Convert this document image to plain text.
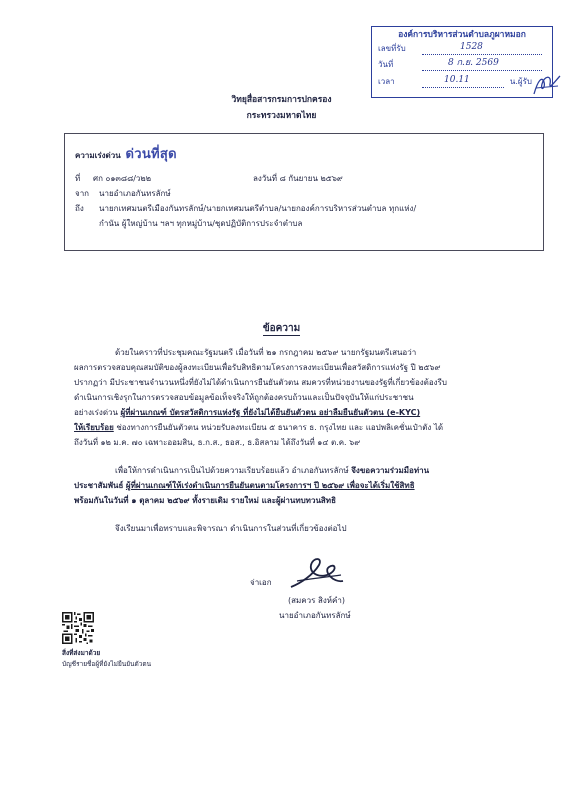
องค์การบริหารส่วนตำบลภูผาหมอก
เลขที่รับ	1528
วันที่	8 ก.ย. 2569
เวลา	10.11	น.ผู้รับ
วิทยุสื่อสารกรมการปกครอง
กระทรวงมหาดไทย
ความเร่งด่วน ด่วนที่สุด
ที่ ศก ๐๑๓๘๘/ว๒๒	ลงวันที่ ๘ กันยายน ๒๕๖๙
จาก นายอำเภอกันทรลักษ์
ถึง นายกเทศมนตรีเมืองกันทรลักษ์/นายกเทศมนตรีตำบล/นายกองค์การบริหารส่วนตำบล ทุกแห่ง/
กำนัน ผู้ใหญ่บ้าน ฯลฯ ทุกหมู่บ้าน/ชุดปฏิบัติการประจำตำบล
ข้อความ
ด้วยในคราวที่ประชุมคณะรัฐมนตรี เมื่อวันที่ ๒๑ กรกฎาคม ๒๕๖๙ นายกรัฐมนตรีเสนอว่า
ผลการตรวจสอบคุณสมบัติของผู้ลงทะเบียนเพื่อรับสิทธิตามโครงการลงทะเบียนเพื่อสวัสดิการแห่งรัฐ ปี ๒๕๖๙
ปรากฏว่า มีประชาชนจำนวนหนึ่งที่ยังไม่ได้ดำเนินการยืนยันตัวตน สมควรที่หน่วยงานของรัฐที่เกี่ยวข้องต้องรีบ
ดำเนินการเชิงรุกในการตรวจสอบข้อมูลข้อเท็จจริงให้ถูกต้องครบถ้วนและเป็นปัจจุบันให้แก่ประชาชน
อย่างเร่งด่วน ผู้ที่ผ่านเกณฑ์ บัตรสวัสดิการแห่งรัฐ ที่ยังไม่ได้ยืนยันตัวตน อย่าลืมยืนยันตัวตน (e-KYC)
ให้เรียบร้อย ช่องทางการยืนยันตัวตน หน่วยรับลงทะเบียน ๕ ธนาคาร ธ. กรุงไทย และ แอปพลิเคชั่นเป๋าตัง ได้
ถึงวันที่ ๑๒ ม.ค. ๗๐ เฉพาะออมสิน, ธ.ก.ส., ธอส., ธ.อิสลาม ได้ถึงวันที่ ๑๔ ต.ค. ๖๙
เพื่อให้การดำเนินการเป็นไปด้วยความเรียบร้อยแล้ว อำเภอกันทรลักษ์ จึงขอความร่วมมือท่าน
ประชาสัมพันธ์ ผู้ที่ผ่านเกณฑ์ให้เร่งดำเนินการยืนยันตนตามโครงการฯ ปี ๒๕๖๙ เพื่อจะได้เริ่มใช้สิทธิ
พร้อมกันในวันที่ ๑ ตุลาคม ๒๕๖๙ ทั้งรายเดิม รายใหม่ และผู้ผ่านทบทวนสิทธิ
จึงเรียนมาเพื่อทราบและพิจารณา ดำเนินการในส่วนที่เกี่ยวข้องต่อไป
จ่าเอก
(สมควร สิงห์คำ)
นายอำเภอกันทรลักษ์
สิ่งที่ส่งมาด้วย
บัญชีรายชื่อผู้ที่ยังไม่ยืนยันตัวตน
